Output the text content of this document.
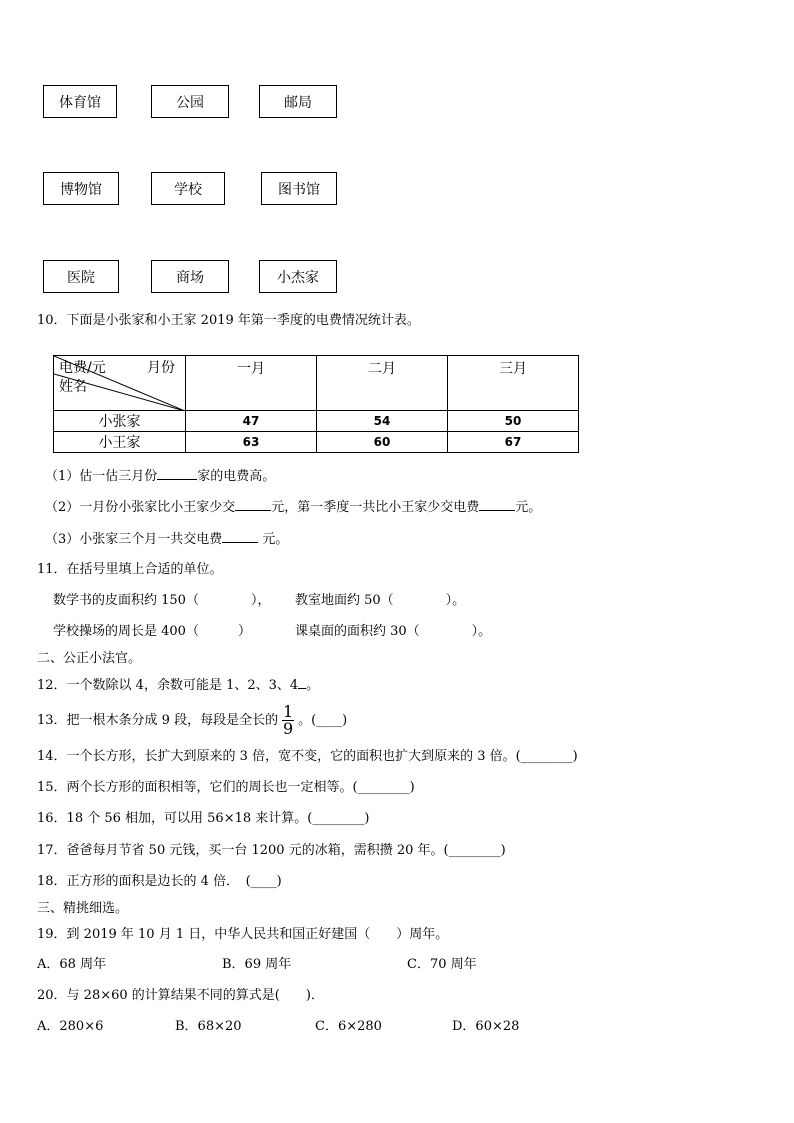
体育馆	公园	邮局
博物馆	学校	图书馆
医院	商场	小杰家
10．下面是小张家和小王家 2019 年第一季度的电费情况统计表。
电费/元 月份
姓名	一月	二月	三月
小张家	47	54	50
小王家	63	60	67
（1）估一估三月份	家的电费高。
（2）一月份小张家比小王家少交	元，第一季度一共比小王家少交电费	元。
（3）小张家三个月一共交电费	元。
11．在括号里填上合适的单位。
数学书的皮面积约 150（　　　　）， 教室地面约 50（　　　　）。
学校操场的周长是 400（　　　）	课桌面的面积约 30（　　　　）。
二、公正小法官。
12．一个数除以 4，余数可能是 1、2、3、4 。
13．把一根木条分成 9 段，每段是全长的 $\frac{1}{9}$ 。(____)
14．一个长方形，长扩大到原来的 3 倍，宽不变，它的面积也扩大到原来的 3 倍。(________)
15．两个长方形的面积相等，它们的周长也一定相等。(________)
16．18 个 56 相加，可以用 56×18 来计算。(________)
17．爸爸每月节省 50 元钱，买一台 1200 元的冰箱，需积攒 20 年。(________)
18．正方形的面积是边长的 4 倍．　(____)
三、精挑细选。
19．到 2019 年 10 月 1 日，中华人民共和国正好建国（　　）周年。
A．68 周年	B．69 周年	C．70 周年
20．与 28×60 的计算结果不同的算式是(　　)．
A．280×6	B．68×20	C．6×280	D．60×28
